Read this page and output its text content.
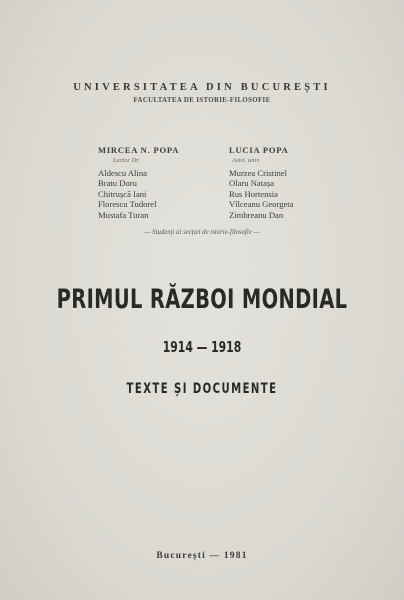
UNIVERSITATEA DIN BUCUREȘTI
FACULTATEA DE ISTORIE-FILOSOFIE
MIRCEA N. POPA
Lector Dr.
LUCIA POPA
Asist. univ.
Aldescu Alina
Bratu Doru
Chitrușcă Iani
Florescu Tudorel
Mustafa Turan
Murzea Cristinel
Olaru Natașa
Rus Hortensia
Vîlceanu Georgeta
Zimbreanu Dan
— Studenți ai secției de istorie-filosofie —
PRIMUL RĂZBOI MONDIAL
1914 — 1918
TEXTE ȘI DOCUMENTE
București — 1981
